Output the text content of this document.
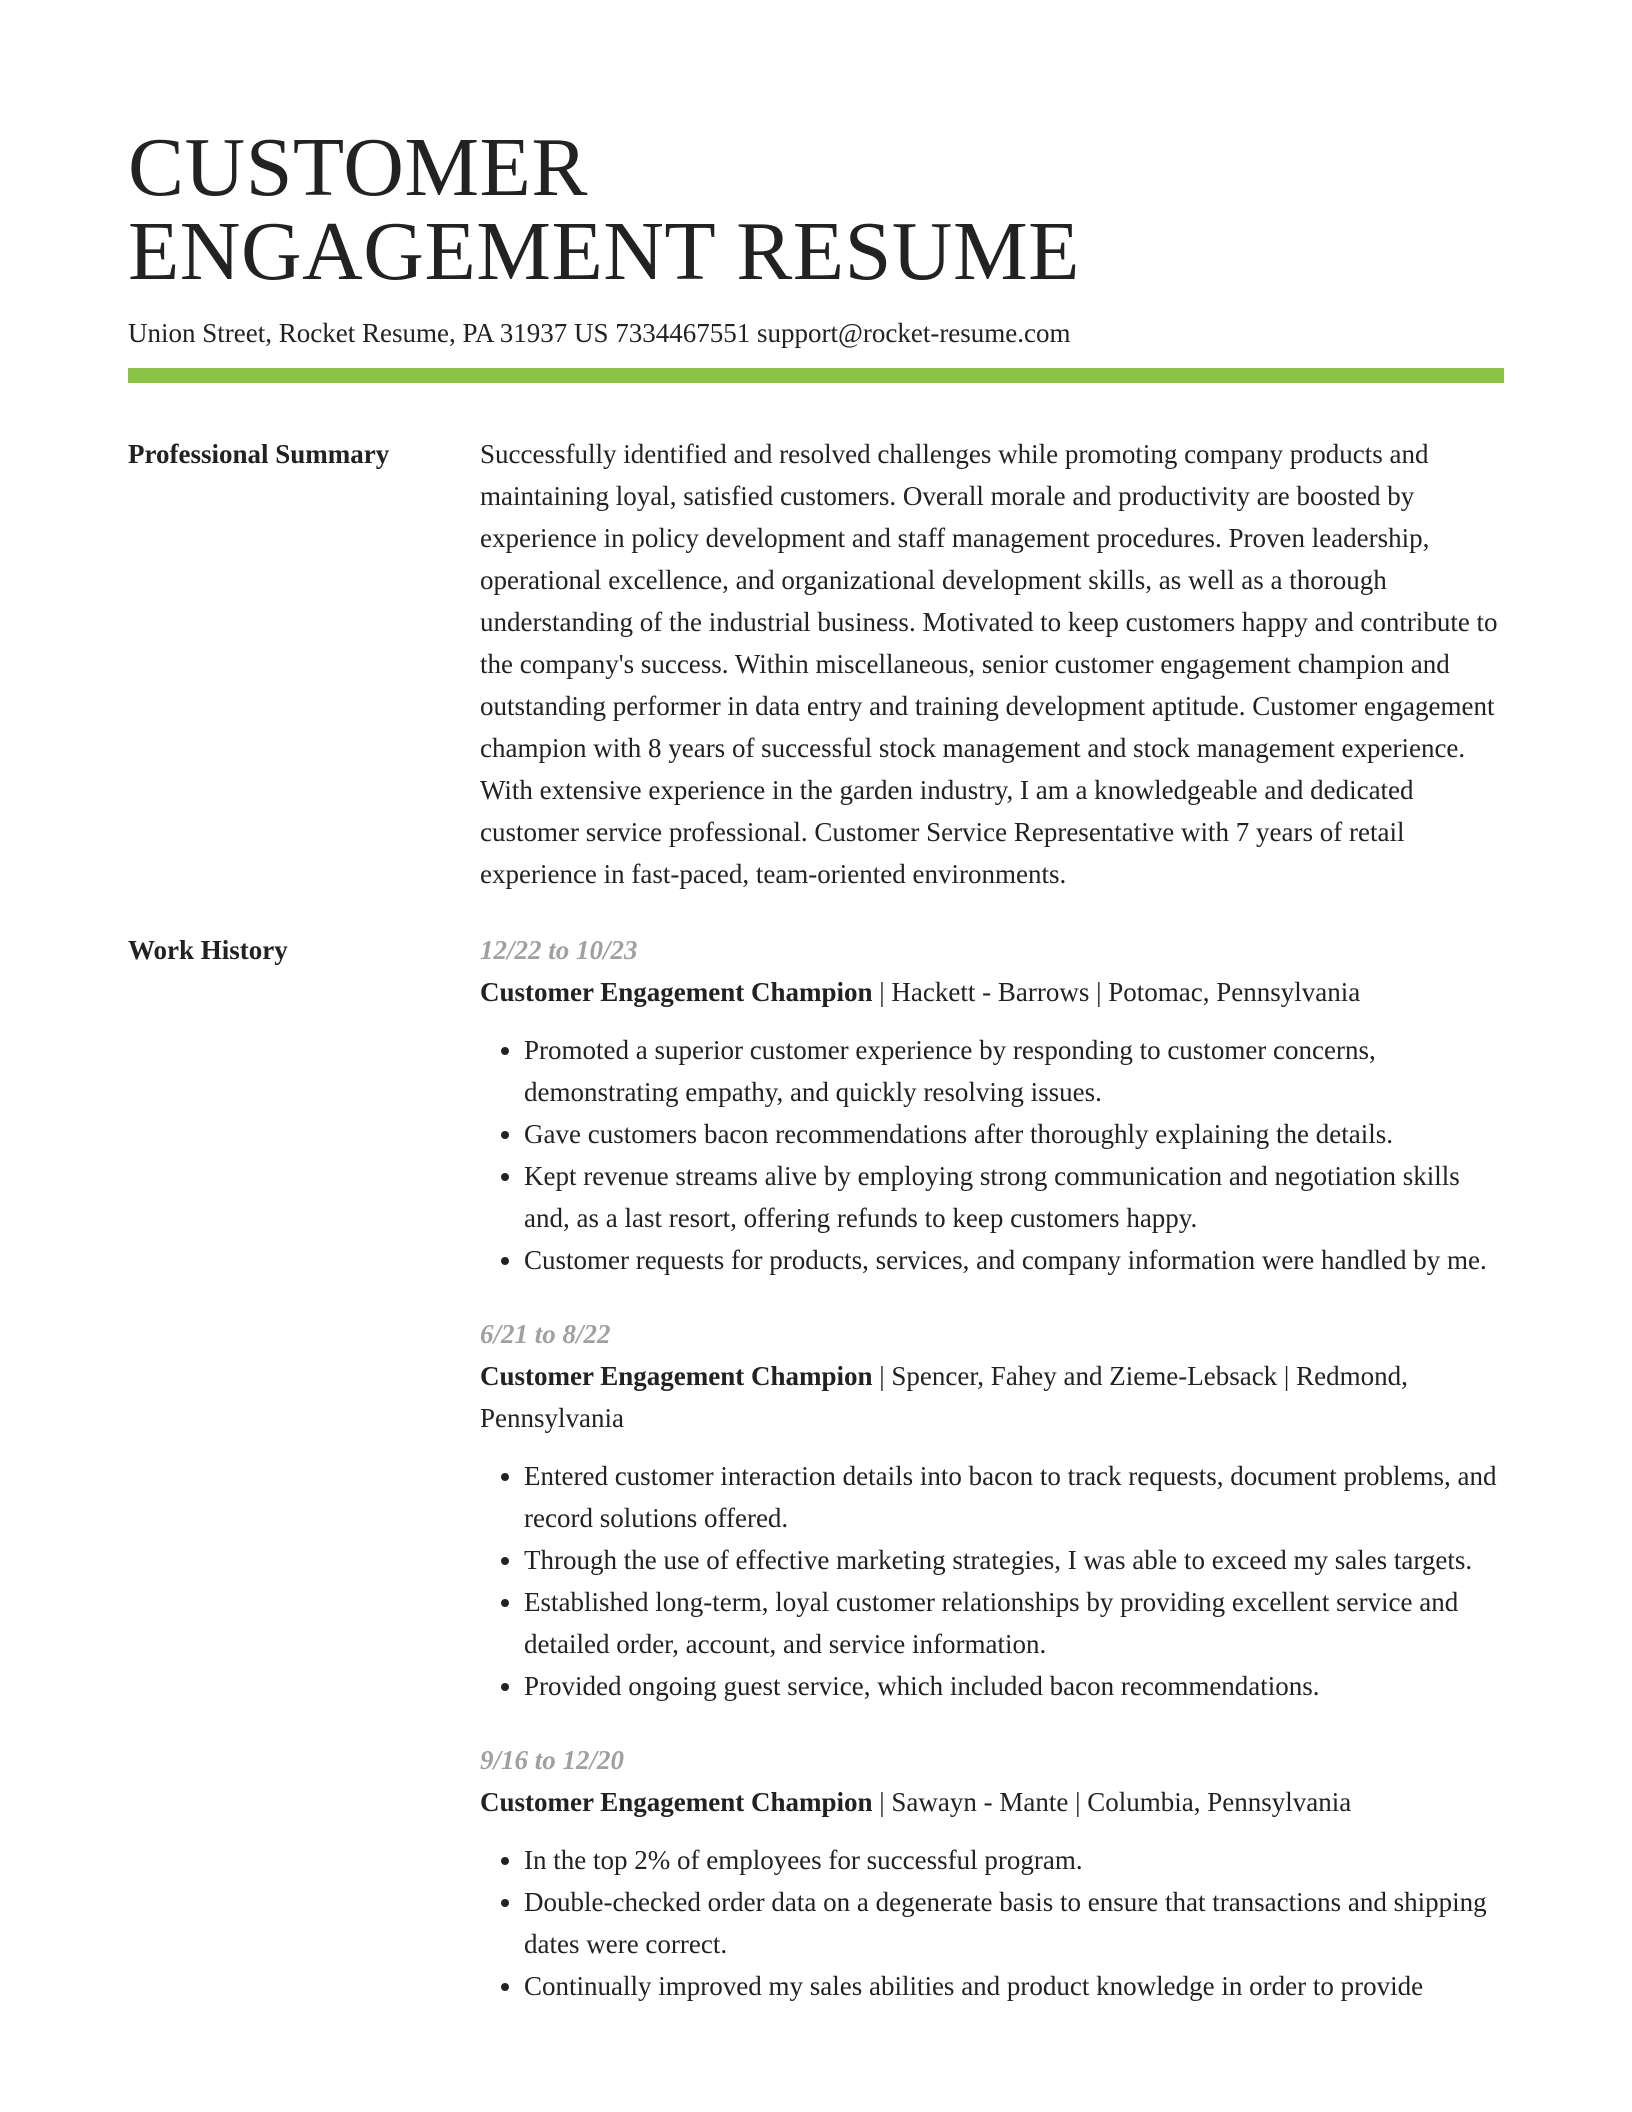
CUSTOMER
ENGAGEMENT RESUME
Union Street, Rocket Resume, PA 31937 US 7334467551 support@rocket-resume.com
Professional Summary	Successfully identified and resolved challenges while promoting company products and maintaining loyal, satisfied customers. Overall morale and productivity are boosted by experience in policy development and staff management procedures. Proven leadership, operational excellence, and organizational development skills, as well as a thorough understanding of the industrial business. Motivated to keep customers happy and contribute to the company's success. Within miscellaneous, senior customer engagement champion and outstanding performer in data entry and training development aptitude. Customer engagement champion with 8 years of successful stock management and stock management experience. With extensive experience in the garden industry, I am a knowledgeable and dedicated customer service professional. Customer Service Representative with 7 years of retail experience in fast-paced, team-oriented environments.

Work History	12/22 to 10/23
Customer Engagement Champion | Hackett - Barrows | Potomac, Pennsylvania
• Promoted a superior customer experience by responding to customer concerns, demonstrating empathy, and quickly resolving issues.
• Gave customers bacon recommendations after thoroughly explaining the details.
• Kept revenue streams alive by employing strong communication and negotiation skills and, as a last resort, offering refunds to keep customers happy.
• Customer requests for products, services, and company information were handled by me.
6/21 to 8/22
Customer Engagement Champion | Spencer, Fahey and Zieme-Lebsack | Redmond, Pennsylvania
• Entered customer interaction details into bacon to track requests, document problems, and record solutions offered.
• Through the use of effective marketing strategies, I was able to exceed my sales targets.
• Established long-term, loyal customer relationships by providing excellent service and detailed order, account, and service information.
• Provided ongoing guest service, which included bacon recommendations.
9/16 to 12/20
Customer Engagement Champion | Sawayn - Mante | Columbia, Pennsylvania
• In the top 2% of employees for successful program.
• Double-checked order data on a degenerate basis to ensure that transactions and shipping dates were correct.
• Continually improved my sales abilities and product knowledge in order to provide
